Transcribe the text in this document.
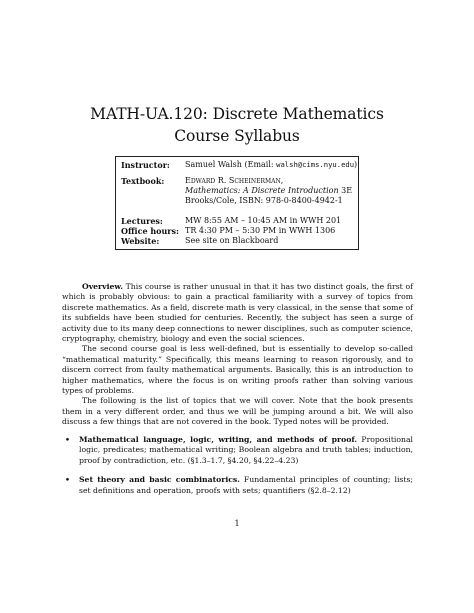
MATH-UA.120: Discrete Mathematics
Course Syllabus
Instructor: Samuel Walsh (Email: walsh@cims.nyu.edu)
Textbook:	Edward R. Scheinerman,
Mathematics: A Discrete Introduction 3E
Brooks/Cole, ISBN: 978-0-8400-4942-1
Lectures:	MW 8:55 AM – 10:45 AM in WWH 201
Office hours: TR 4:30 PM – 5:30 PM in WWH 1306
Website:	See site on Blackboard

Overview. This course is rather unusual in that it has two distinct goals, the first of which is probably obvious: to gain a practical familiarity with a survey of topics from discrete mathematics. As a field, discrete math is very classical, in the sense that some of its subfields have been studied for centuries. Recently, the subject has seen a surge of activity due to its many deep connections to newer disciplines, such as computer science, cryptography, chemistry, biology and even the social sciences.

The second course goal is less well-defined, but is essentially to develop so-called “mathematical maturity.” Specifically, this means learning to reason rigorously, and to discern correct from faulty mathematical arguments. Basically, this is an introduction to higher mathematics, where the focus is on writing proofs rather than solving various types of problems.

The following is the list of topics that we will cover. Note that the book presents them in a very different order, and thus we will be jumping around a bit. We will also discuss a few things that are not covered in the book. Typed notes will be provided.

• Mathematical language, logic, writing, and methods of proof. Propositional logic, predicates; mathematical writing; Boolean algebra and truth tables; induction, proof by contradiction, etc. (§1.3–1.7, §4.20, §4.22–4.23)
• Set theory and basic combinatorics. Fundamental principles of counting; lists; set definitions and operation, proofs with sets; quantifiers (§2.8–2.12)
1
